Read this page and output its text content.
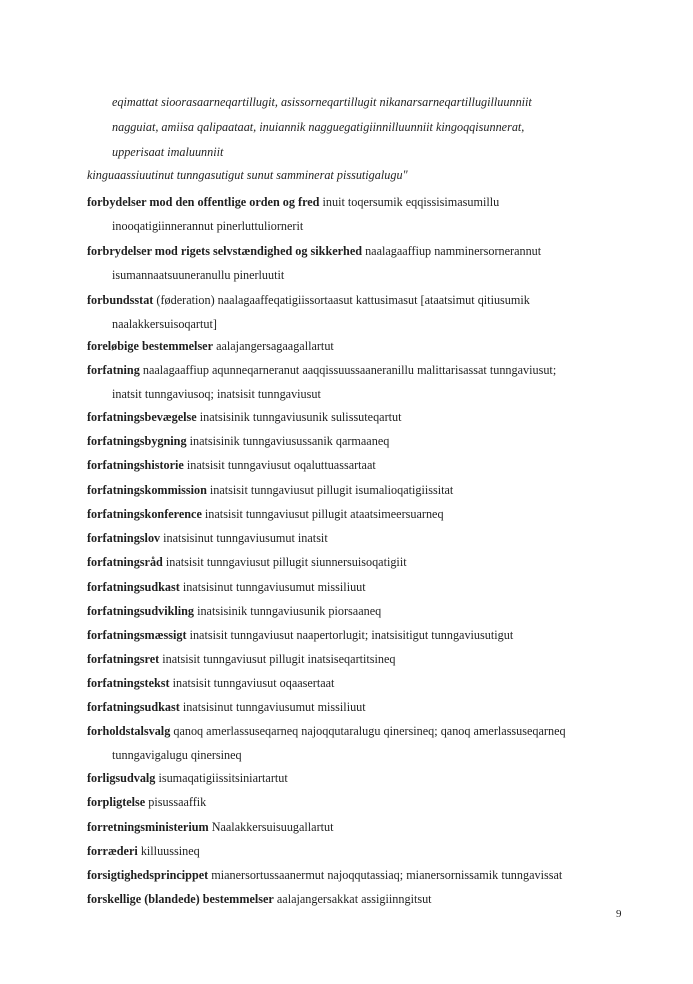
eqimattat sioorasaarneqartillugit, asissorneqartillugit nikanarsarneqartillugilluunniit
nagguiat, amiisa qalipaataat, inuiannik nagguegatigiinnilluunniit kingoqqisunnerat,
upperisaat imaluunniit
kinguaassiuutinut tunngasutigut sunut samminerat pissutigalugu"
forbydelser mod den offentlige orden og fred inuit toqersumik eqqissisimasumillu
inooqatigiinnerannut pinerluttuliornerit
forbrydelser mod rigets selvstændighed og sikkerhed naalagaaffiup namminersornerannut
isumannaatsuuneranullu pinerluutit
forbundsstat (føderation) naalagaaffeqatigiissortaasut kattusimasut [ataatsimut qitiusumik
naalakkersuisoqartut]
foreløbige bestemmelser aalajangersagaagallartut
forfatning naalagaaffiup aqunneqarneranut aaqqissuussaaneranillu malittarisassat tunngaviusut;
inatsit tunngaviusoq; inatsisit tunngaviusut
forfatningsbevægelse inatsisinik tunngaviusunik sulissuteqartut
forfatningsbygning inatsisinik tunngaviusussanik qarmaaneq
forfatningshistorie inatsisit tunngaviusut oqaluttuassartaat
forfatningskommission inatsisit tunngaviusut pillugit isumalioqatigiissitat
forfatningskonference inatsisit tunngaviusut pillugit ataatsimeersuarneq
forfatningslov inatsisinut tunngaviusumut inatsit
forfatningsråd inatsisit tunngaviusut pillugit siunnersuisoqatigiit
forfatningsudkast inatsisinut tunngaviusumut missiliuut
forfatningsudvikling inatsisinik tunngaviusunik piorsaaneq
forfatningsmæssigt inatsisit tunngaviusut naapertorlugit; inatsisitigut tunngaviusutigut
forfatningsret inatsisit tunngaviusut pillugit inatsiseqartitsineq
forfatningstekst inatsisit tunngaviusut oqaasertaat
forfatningsudkast inatsisinut tunngaviusumut missiliuut
forholdstalsvalg qanoq amerlassuseqarneq najoqqutaralugu qinersineq; qanoq amerlassuseqarneq
tunngavigalugu qinersineq
forligsudvalg isumaqatigiissitsiniartartut
forpligtelse pisussaaffik
forretningsministerium Naalakkersuisuugallartut
forræderi killuussineq
forsigtighedsprincippet mianersortussaanermut najoqqutassiaq; mianersornissamik tunngavissat
forskellige (blandede) bestemmelser aalajangersakkat assigiinngitsut
9
